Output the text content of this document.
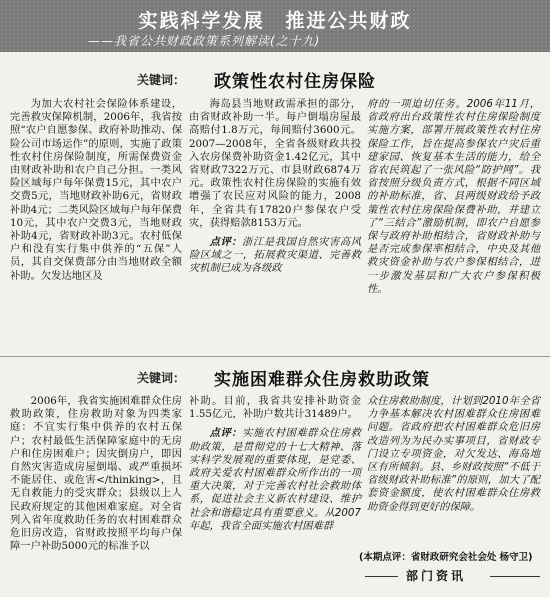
实践科学发展　推进公共财政
——我省公共财政政策系列解读(之十九)
关键词： 政策性农村住房保险

为加大农村社会保险体系建设，完善救灾保障机制，2006年，我省按照“农户自愿参保、政府补助推动、保险公司市场运作”的原则，实施了政策性农村住房保险制度，所需保费资金由财政补助和农户自己分担。一类风险区域每户每年保费15元，其中农户交费5元，当地财政补助6元，省财政补助4元；二类风险区域每户每年保费10元，其中农户交费3元，当地财政补助4元，省财政补助3元。农村低保户和没有实行集中供养的“五保”人员，其自交保费部分由当地财政全额补助。欠发达地区及

海岛县当地财政需承担的部分，由省财政补助一半。每户倒塌房屋最高赔付1.8万元，每间赔付3600元。2007—2008年，全省各级财政共投入农房保费补助资金1.42亿元，其中省财政7322万元、市县财政6874万元。政策性农村住房保险的实施有效增强了农民应对风险的能力，2008年，全省共有17820户参保农户受灾，获得赔款8153万元。

点评：浙江是我国自然灾害高风险区域之一，拓展救灾渠道、完善救灾机制已成为各级政

府的一项迫切任务。2006年11月，省政府出台政策性农村住房保险制度实施方案，部署开展政策性农村住房保险工作，旨在提高参保农户灾后重建家园、恢复基本生活的能力，给全省农民筑起了一张风险“防护网”。我省按照分级负责方式，根据不同区域的补助标准，省、县两级财政给予政策性农村住房保险保费补助，并建立了“三结合”激励机制，即农户自愿参保与政府补助相结合，省财政补助与是否完成参保率相结合，中央及其他救灾资金补助与农户参保相结合，进一步激发基层和广大农户参保积极性。

关键词： 实施困难群众住房救助政策

2006年，我省实施困难群众住房救助政策，住房救助对象为四类家庭：不宜实行集中供养的农村五保户；农村最低生活保障家庭中的无房户和住房困难户；因灾倒房户，即因自然灾害造成房屋倒塌、或严重损坏不能居住、或危害</thinking>，且无自救能力的受灾群众；县级以上人民政府规定的其他困难家庭。对全省列入省年度救助任务的农村困难群众危旧房改造，省财政按照平均每户保障一户补助5000元的标准予以

补助。目前，我省共安排补助资金1.55亿元，补助户数共计31489户。

点评：实施农村困难群众住房救助政策，是贯彻党的十七大精神、落实科学发展观的重要体现，是党委、政府关爱农村困难群众所作出的一项重大决策，对于完善农村社会救助体系，促进社会主义新农村建设、维护社会和谐稳定具有重要意义。从2007年起，我省全面实施农村困难群

众住房救助制度，计划到2010年全省力争基本解决农村困难群众住房困难问题。省政府把农村困难群众危旧房改造列为为民办实事项目，省财政专门设立专项资金，对欠发达、海岛地区有所倾斜。县、乡财政按照“不低于省级财政补助标准”的原则，加大了配套资金额度，使农村困难群众住房救助资金得到更好的保障。

(本期点评：省财政研究会社会处 杨守卫)
部门资讯
